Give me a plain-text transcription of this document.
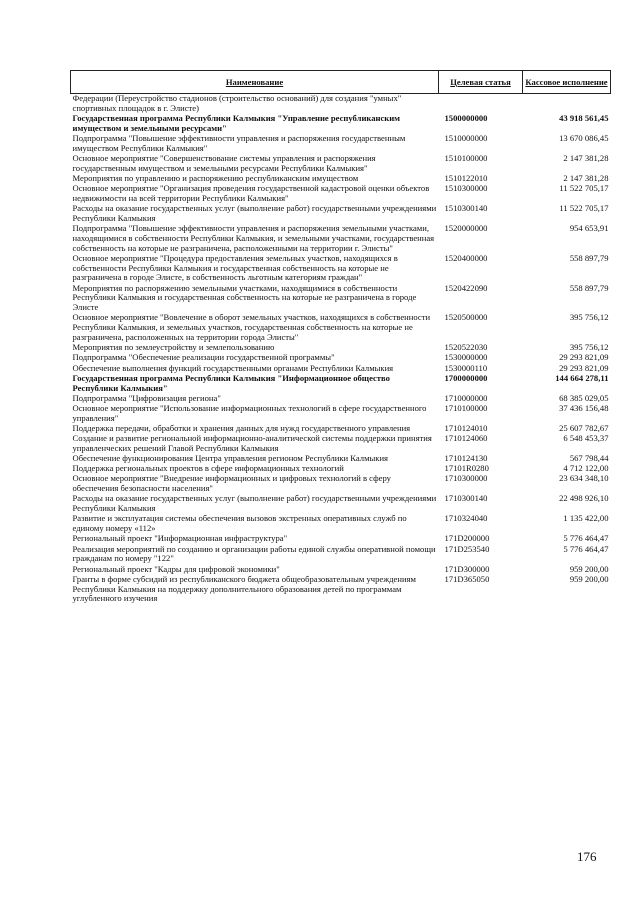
Наименование	Целевая статья	Кассовое исполнение
Федерации (Переустройство стадионов (строительство оснований) для создания "умных" спортивных площадок в г. Элисте)		
Государственная программа Республики Калмыкия "Управление республиканским имуществом и земельными ресурсами"	1500000000	43 918 561,45
Подпрограмма "Повышение эффективности управления и распоряжения государственным имуществом Республики Калмыкия"	1510000000	13 670 086,45
Основное мероприятие "Совершенствование системы управления и распоряжения государственным имуществом и земельными ресурсами Республики Калмыкия"	1510100000	2 147 381,28
Мероприятия по управлению и распоряжению республиканским имуществом	1510122010	2 147 381,28
Основное мероприятие "Организация проведения государственной кадастровой оценки объектов недвижимости на всей территории Республики Калмыкия"	1510300000	11 522 705,17
Расходы на оказание государственных услуг (выполнение работ) государственными учреждениями Республики Калмыкия	1510300140	11 522 705,17
Подпрограмма "Повышение эффективности управления и распоряжения земельными участками, находящимися в собственности Республики Калмыкия, и земельными участками, государственная собственность на которые не разграничена, расположенными на территории г. Элисты"	1520000000	954 653,91
Основное мероприятие "Процедура предоставления земельных участков, находящихся в собственности Республики Калмыкия и государственная собственность на которые не разграничена в городе Элисте, в собственность льготным категориям граждан"	1520400000	558 897,79
Мероприятия по распоряжению земельными участками, находящимися в собственности Республики Калмыкия и государственная собственность на которые не разграничена в городе Элисте	1520422090	558 897,79
Основное мероприятие "Вовлечение в оборот земельных участков, находящихся в собственности Республики Калмыкия, и земельных участков, государственная собственность на которые не разграничена, расположенных на территории города Элисты"	1520500000	395 756,12
Мероприятия по землеустройству и землепользованию	1520522030	395 756,12
Подпрограмма "Обеспечение реализации государственной программы"	1530000000	29 293 821,09
Обеспечение выполнения функций государственными органами Республики Калмыкия	1530000110	29 293 821,09
Государственная программа Республики Калмыкия "Информационное общество Республики Калмыкия"	1700000000	144 664 278,11
Подпрограмма "Цифровизация региона"	1710000000	68 385 029,05
Основное мероприятие "Использование информационных технологий в сфере государственного управления"	1710100000	37 436 156,48
Поддержка передачи, обработки и хранения данных для нужд государственного управления	1710124010	25 607 782,67
Создание и развитие региональной информационно-аналитической системы поддержки принятия управленческих решений Главой Республики Калмыкия	1710124060	6 548 453,37
Обеспечение функционирования Центра управления регионом Республики Калмыкия	1710124130	567 798,44
Поддержка региональных проектов в сфере информационных технологий	17101R0280	4 712 122,00
Основное мероприятие "Внедрение информационных и цифровых технологий в сферу обеспечения безопасности населения"	1710300000	23 634 348,10
Расходы на оказание государственных услуг (выполнение работ) государственными учреждениями Республики Калмыкия	1710300140	22 498 926,10
Развитие и эксплуатация системы обеспечения вызовов экстренных оперативных служб по единому номеру «112»	1710324040	1 135 422,00
Региональный проект "Информационная инфраструктура"	171D200000	5 776 464,47
Реализация мероприятий по созданию и организации работы единой службы оперативной помощи гражданам по номеру "122"	171D253540	5 776 464,47
Региональный проект "Кадры для цифровой экономики"	171D300000	959 200,00
Гранты в форме субсидий из республиканского бюджета общеобразовательным учреждениям Республики Калмыкия на поддержку дополнительного образования детей по программам углубленного изучения	171D365050	959 200,00
176
